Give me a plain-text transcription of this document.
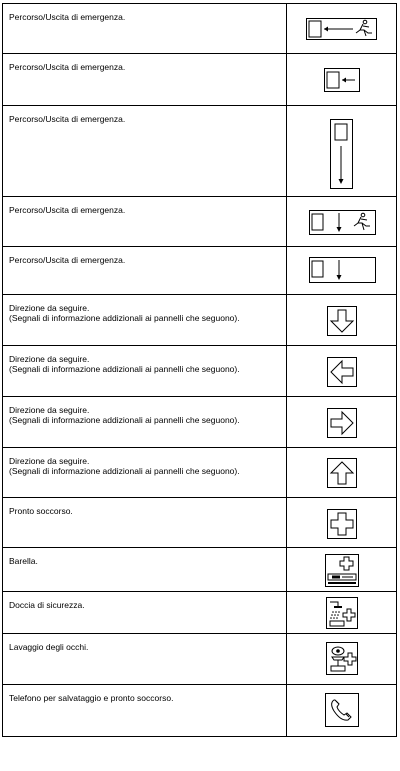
Percorso/Uscita di emergenza.
Percorso/Uscita di emergenza.
Percorso/Uscita di emergenza.
Percorso/Uscita di emergenza.
Percorso/Uscita di emergenza.
Direzione da seguire.
(Segnali di informazione addizionali ai pannelli che seguono).
Direzione da seguire.
(Segnali di informazione addizionali ai pannelli che seguono).
Direzione da seguire.
(Segnali di informazione addizionali ai pannelli che seguono).
Direzione da seguire.
(Segnali di informazione addizionali ai pannelli che seguono).
Pronto soccorso.
Barella.
Doccia di sicurezza.
Lavaggio degli occhi.
Telefono per salvataggio e pronto soccorso.
